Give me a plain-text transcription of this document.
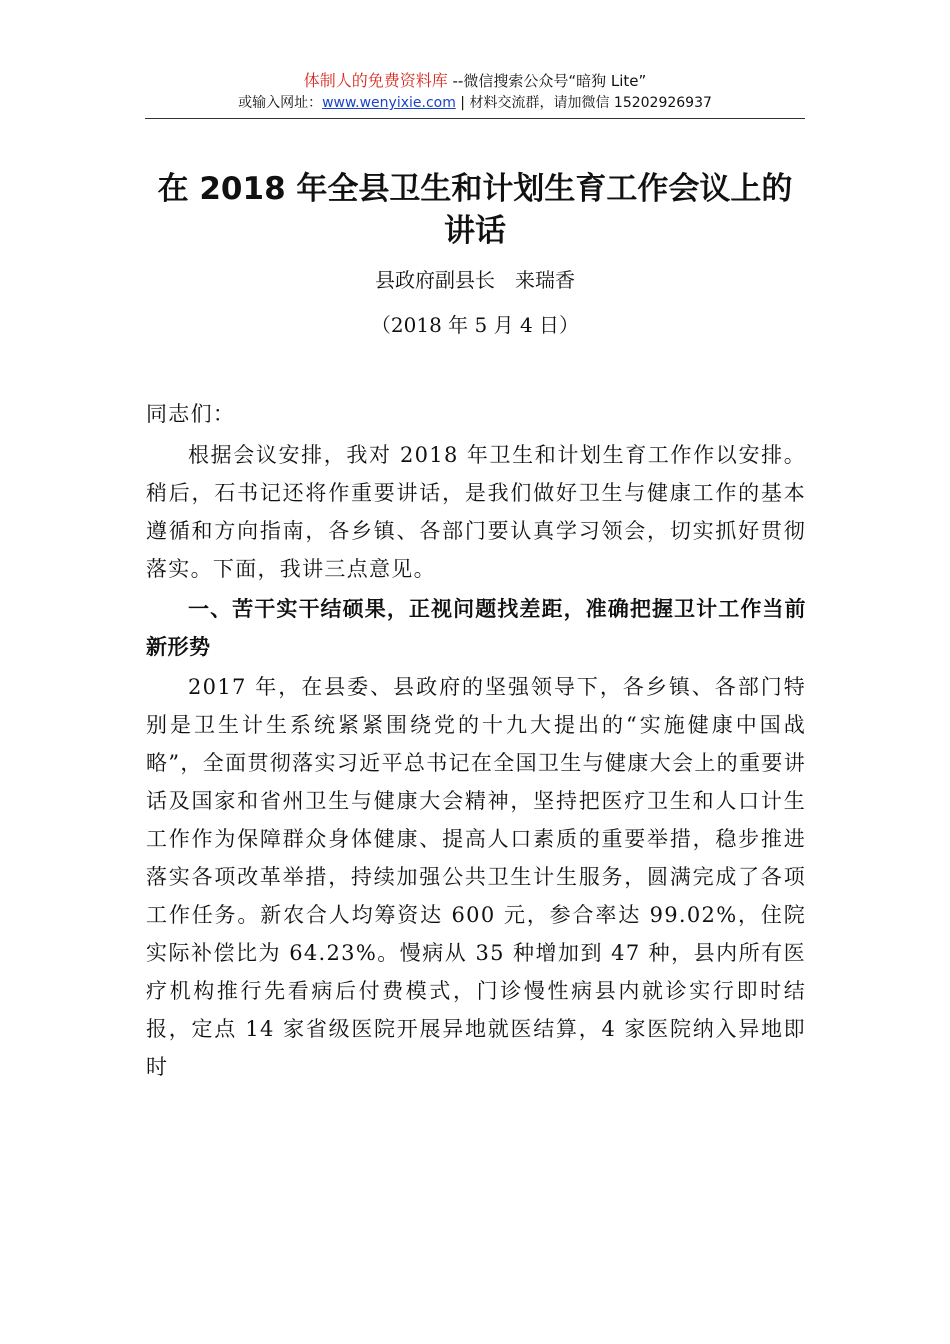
体制人的免费资料库 --微信搜索公众号“暗狗 Lite”
或输入网址：www.wenyixie.com | 材料交流群，请加微信 15202926937
在 2018 年全县卫生和计划生育工作会议上的讲话
县政府副县长　来瑞香
（2018 年 5 月 4 日）

同志们：

根据会议安排，我对 2018 年卫生和计划生育工作作以安排。稍后，石书记还将作重要讲话，是我们做好卫生与健康工作的基本遵循和方向指南，各乡镇、各部门要认真学习领会，切实抓好贯彻落实。下面，我讲三点意见。

一、苦干实干结硕果，正视问题找差距，准确把握卫计工作当前新形势

2017 年，在县委、县政府的坚强领导下，各乡镇、各部门特别是卫生计生系统紧紧围绕党的十九大提出的“实施健康中国战略”，全面贯彻落实习近平总书记在全国卫生与健康大会上的重要讲话及国家和省州卫生与健康大会精神，坚持把医疗卫生和人口计生工作作为保障群众身体健康、提高人口素质的重要举措，稳步推进落实各项改革举措，持续加强公共卫生计生服务，圆满完成了各项工作任务。新农合人均筹资达 600 元，参合率达 99.02%，住院实际补偿比为 64.23%。慢病从 35 种增加到 47 种，县内所有医疗机构推行先看病后付费模式，门诊慢性病县内就诊实行即时结报，定点 14 家省级医院开展异地就医结算，4 家医院纳入异地即时
